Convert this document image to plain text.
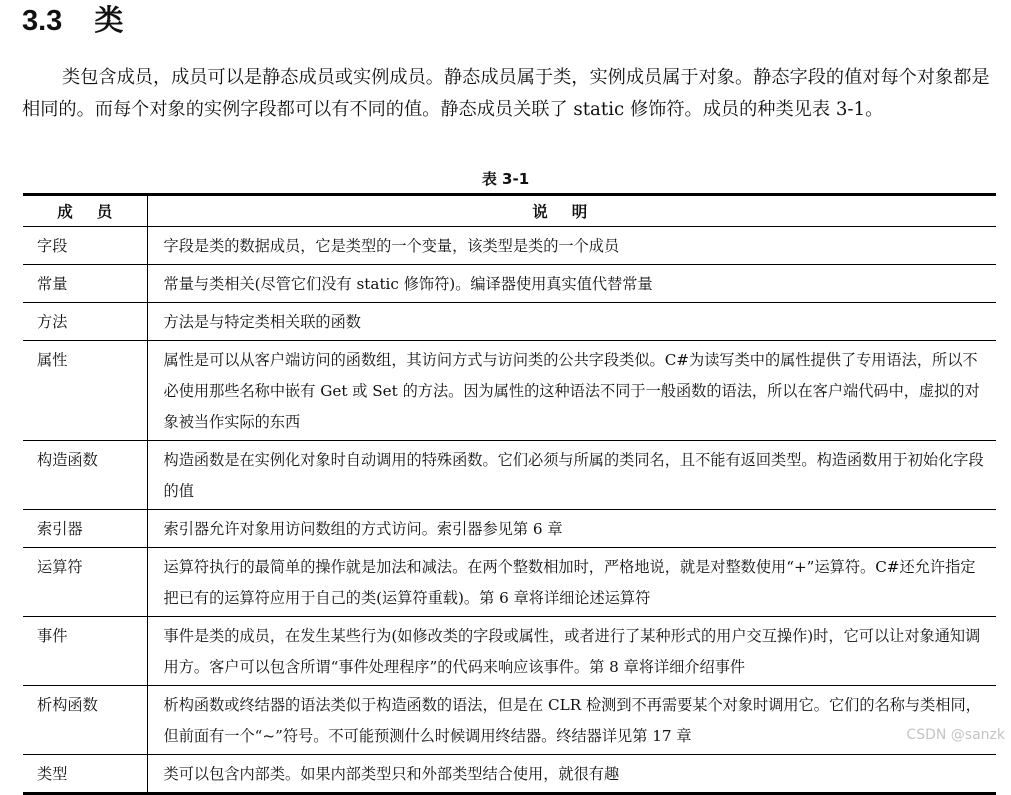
3.3 类

类包含成员，成员可以是静态成员或实例成员。静态成员属于类，实例成员属于对象。静态字段的值对每个对象都是相同的。而每个对象的实例字段都可以有不同的值。静态成员关联了 static 修饰符。成员的种类见表 3-1。

表 3-1
成员	说明
字段	字段是类的数据成员，它是类型的一个变量，该类型是类的一个成员
常量	常量与类相关(尽管它们没有 static 修饰符)。编译器使用真实值代替常量
方法	方法是与特定类相关联的函数
属性	属性是可以从客户端访问的函数组，其访问方式与访问类的公共字段类似。C#为读写类中的属性提供了专用语法，所以不必使用那些名称中嵌有 Get 或 Set 的方法。因为属性的这种语法不同于一般函数的语法，所以在客户端代码中，虚拟的对象被当作实际的东西
构造函数	构造函数是在实例化对象时自动调用的特殊函数。它们必须与所属的类同名，且不能有返回类型。构造函数用于初始化字段的值
索引器	索引器允许对象用访问数组的方式访问。索引器参见第 6 章
运算符	运算符执行的最简单的操作就是加法和减法。在两个整数相加时，严格地说，就是对整数使用“+”运算符。C#还允许指定把已有的运算符应用于自己的类(运算符重载)。第 6 章将详细论述运算符
事件	事件是类的成员，在发生某些行为(如修改类的字段或属性，或者进行了某种形式的用户交互操作)时，它可以让对象通知调用方。客户可以包含所谓“事件处理程序”的代码来响应该事件。第 8 章将详细介绍事件
析构函数	析构函数或终结器的语法类似于构造函数的语法，但是在 CLR 检测到不再需要某个对象时调用它。它们的名称与类相同，但前面有一个“~”符号。不可能预测什么时候调用终结器。终结器详见第 17 章
类型	类可以包含内部类。如果内部类型只和外部类型结合使用，就很有趣
CSDN @sanzk
